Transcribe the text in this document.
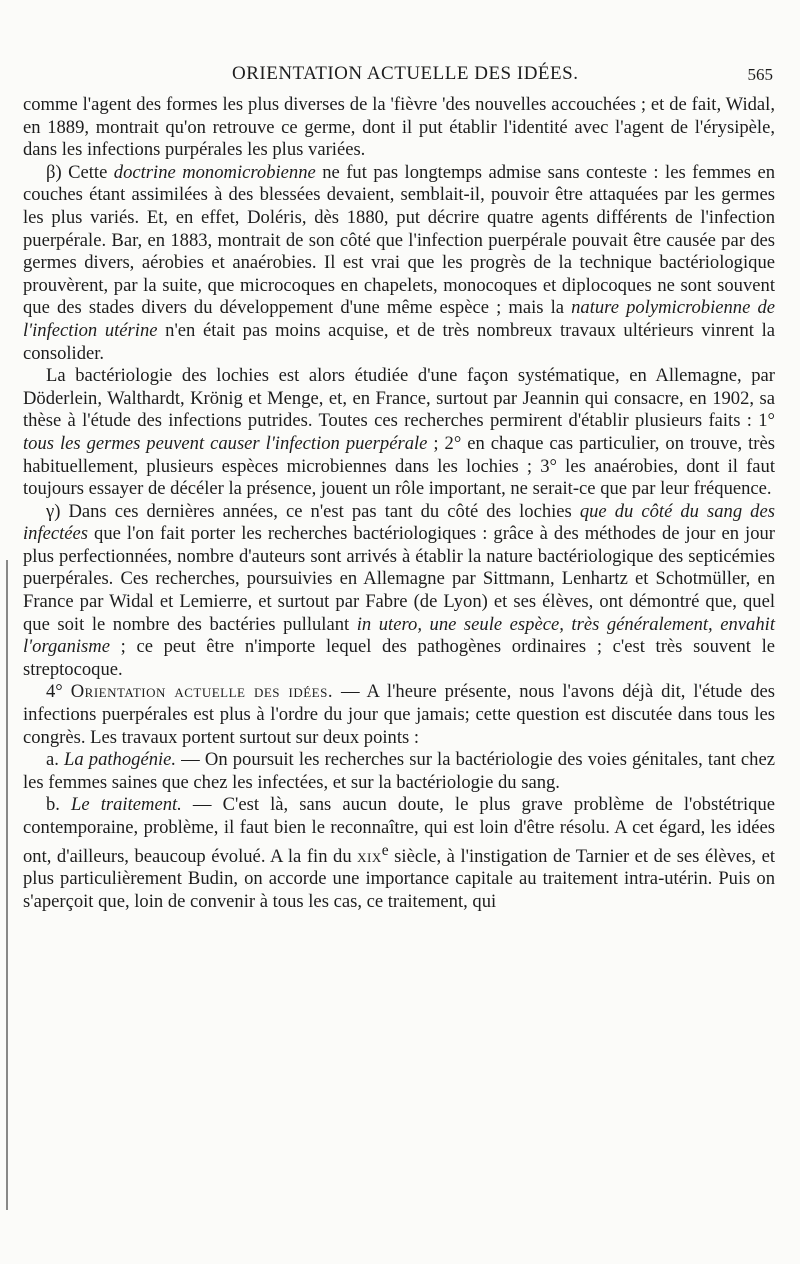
ORIENTATION ACTUELLE DES IDÉES.	565

comme l'agent des formes les plus diverses de la 'fièvre 'des nouvelles accouchées ; et de fait, Widal, en 1889, montrait qu'on retrouve ce germe, dont il put établir l'identité avec l'agent de l'érysipèle, dans les infections purpérales les plus variées.

β) Cette doctrine monomicrobienne ne fut pas longtemps admise sans conteste : les femmes en couches étant assimilées à des blessées devaient, semblait-il, pouvoir être attaquées par les germes les plus variés. Et, en effet, Doléris, dès 1880, put décrire quatre agents différents de l'infection puerpérale. Bar, en 1883, montrait de son côté que l'infection puerpérale pouvait être causée par des germes divers, aérobies et anaérobies. Il est vrai que les progrès de la technique bactériologique prouvèrent, par la suite, que microcoques en chapelets, monocoques et diplocoques ne sont souvent que des stades divers du développement d'une même espèce ; mais la nature polymicrobienne de l'infection utérine n'en était pas moins acquise, et de très nombreux travaux ultérieurs vinrent la consolider.

La bactériologie des lochies est alors étudiée d'une façon systématique, en Allemagne, par Döderlein, Walthardt, Krönig et Menge, et, en France, surtout par Jeannin qui consacre, en 1902, sa thèse à l'étude des infections putrides. Toutes ces recherches permirent d'établir plusieurs faits : 1° tous les germes peuvent causer l'infection puerpérale ; 2° en chaque cas particulier, on trouve, très habituellement, plusieurs espèces microbiennes dans les lochies ; 3° les anaérobies, dont il faut toujours essayer de décéler la présence, jouent un rôle important, ne serait-ce que par leur fréquence.

γ) Dans ces dernières années, ce n'est pas tant du côté des lochies que du côté du sang des infectées que l'on fait porter les recherches bactériologiques : grâce à des méthodes de jour en jour plus perfectionnées, nombre d'auteurs sont arrivés à établir la nature bactériologique des septicémies puerpérales. Ces recherches, poursuivies en Allemagne par Sittmann, Lenhartz et Schotmüller, en France par Widal et Lemierre, et surtout par Fabre (de Lyon) et ses élèves, ont démontré que, quel que soit le nombre des bactéries pullulant in utero, une seule espèce, très généralement, envahit l'organisme ; ce peut être n'importe lequel des pathogènes ordinaires ; c'est très souvent le streptocoque.

4° Orientation actuelle des idées. — A l'heure présente, nous l'avons déjà dit, l'étude des infections puerpérales est plus à l'ordre du jour que jamais; cette question est discutée dans tous les congrès. Les travaux portent surtout sur deux points :

a. La pathogénie. — On poursuit les recherches sur la bactériologie des voies génitales, tant chez les femmes saines que chez les infectées, et sur la bactériologie du sang.

b. Le traitement. — C'est là, sans aucun doute, le plus grave problème de l'obstétrique contemporaine, problème, il faut bien le reconnaître, qui est loin d'être résolu. A cet égard, les idées ont, d'ailleurs, beaucoup évolué. A la fin du xix$^e$ siècle, à l'instigation de Tarnier et de ses élèves, et plus particulièrement Budin, on accorde une importance capitale au traitement intra-utérin. Puis on s'aperçoit que, loin de convenir à tous les cas, ce traitement, qui
